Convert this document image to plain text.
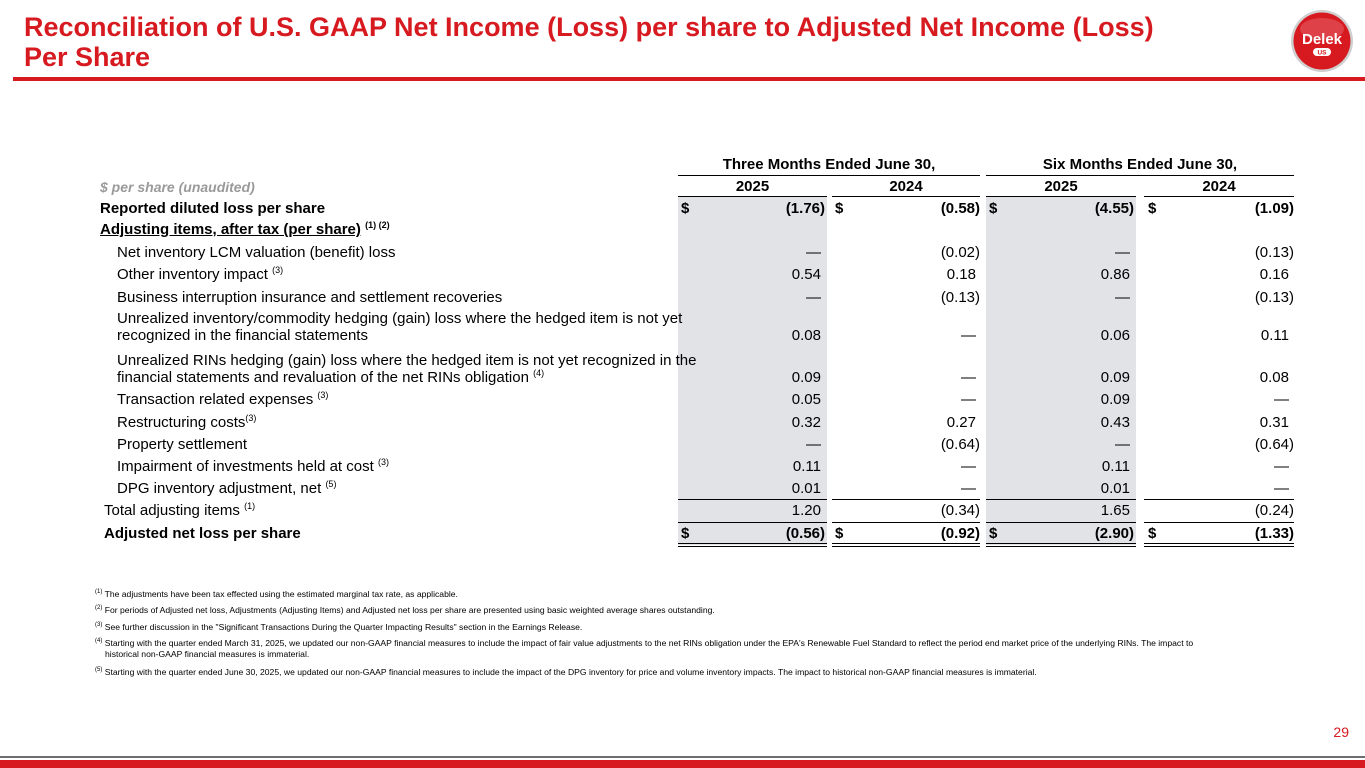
Reconciliation of U.S. GAAP Net Income (Loss) per share to Adjusted Net Income (Loss)
Per Share
Delek
US
Three Months Ended June 30,	Six Months Ended June 30,
$ per share (unaudited)	2025	2024	2025	2024
Reported diluted loss per share	$	(1.76) $	(0.58) $	(4.55) $	(1.09)
Adjusting items, after tax (per share) $^{(1) (2)}$
Net inventory LCM valuation (benefit) loss	—	(0.02)	—	(0.13)
Other inventory impact $^{(3)}$	0.54	0.18	0.86	0.16
Business interruption insurance and settlement recoveries	—	(0.13)	—	(0.13)
Unrealized inventory/commodity hedging (gain) loss where the hedged item is not yet
recognized in the financial statements	0.08	—	0.06	0.11
Unrealized RINs hedging (gain) loss where the hedged item is not yet recognized in the
financial statements and revaluation of the net RINs obligation $^{(4)}$	0.09	—	0.09	0.08
Transaction related expenses $^{(3)}$	0.05	—	0.09	—
Restructuring costs$^{(3)}$	0.32	0.27	0.43	0.31
Property settlement	—	(0.64)	—	(0.64)
Impairment of investments held at cost $^{(3)}$	0.11	—	0.11	—
DPG inventory adjustment, net $^{(5)}$	0.01	—	0.01	—
Total adjusting items $^{(1)}$	1.20	(0.34)	1.65	(0.24)
Adjusted net loss per share	$	(0.56) $	(0.92) $	(2.90) $	(1.33)
$^{(1)}$ The adjustments have been tax effected using the estimated marginal tax rate, as applicable.
$^{(2)}$ For periods of Adjusted net loss, Adjustments (Adjusting Items) and Adjusted net loss per share are presented using basic weighted average shares outstanding.
$^{(3)}$ See further discussion in the "Significant Transactions During the Quarter Impacting Results" section in the Earnings Release.
$^{(4)}$ Starting with the quarter ended March 31, 2025, we updated our non-GAAP financial measures to include the impact of fair value adjustments to the net RINs obligation under the EPA's Renewable Fuel Standard to reflect the period end market price of the underlying RINs. The impact to
historical non-GAAP financial measures is immaterial.
$^{(5)}$ Starting with the quarter ended June 30, 2025, we updated our non-GAAP financial measures to include the impact of the DPG inventory for price and volume inventory impacts. The impact to historical non-GAAP financial measures is immaterial.
29
